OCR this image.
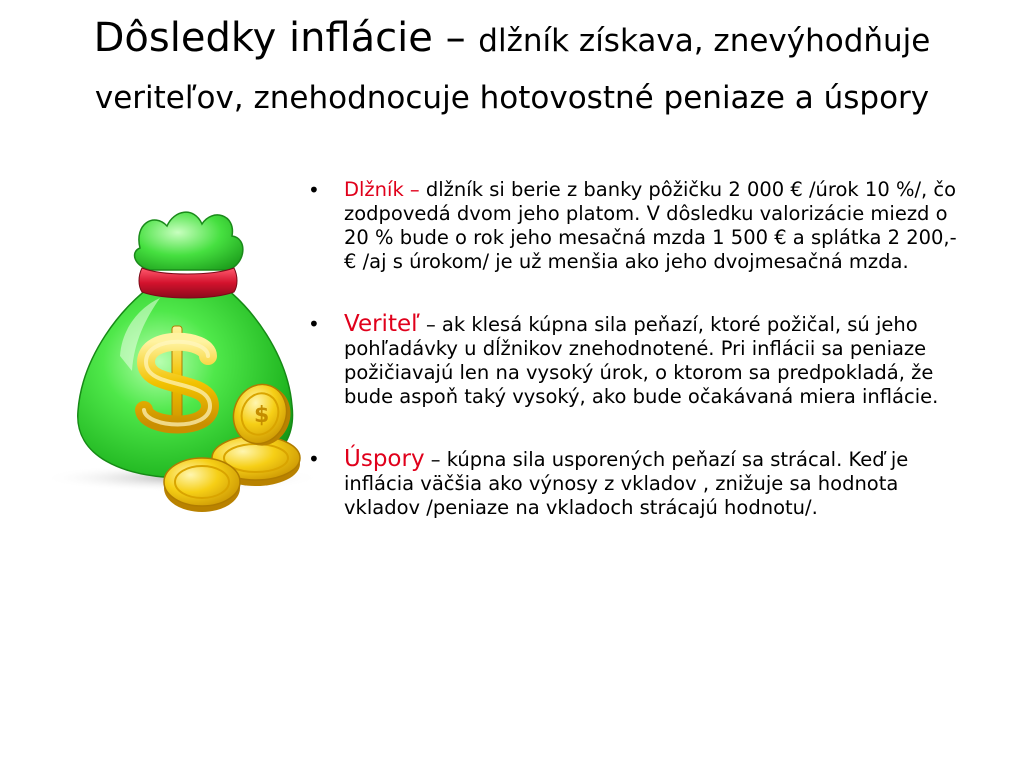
Dôsledky inflácie – dlžník získava, znevýhodňuje veriteľov, znehodnocuje hotovostné peniaze a úspory
$
• Dlžník – dlžník si berie z banky pôžičku 2 000 € /úrok 10 %/, čo zodpovedá dvom jeho platom. V dôsledku valorizácie miezd o 20 % bude o rok jeho mesačná mzda 1 500 € a splátka 2 200,- € /aj s úrokom/ je už menšia ako jeho dvojmesačná mzda.
• Veriteľ – ak klesá kúpna sila peňazí, ktoré požičal, sú jeho pohľadávky u dĺžnikov znehodnotené. Pri inflácii sa peniaze požičiavajú len na vysoký úrok, o ktorom sa predpokladá, že bude aspoň taký vysoký, ako bude očakávaná miera inflácie.
• Úspory – kúpna sila usporených peňazí sa strácal. Keď je inflácia väčšia ako výnosy z vkladov , znižuje sa hodnota vkladov /peniaze na vkladoch strácajú hodnotu/.
